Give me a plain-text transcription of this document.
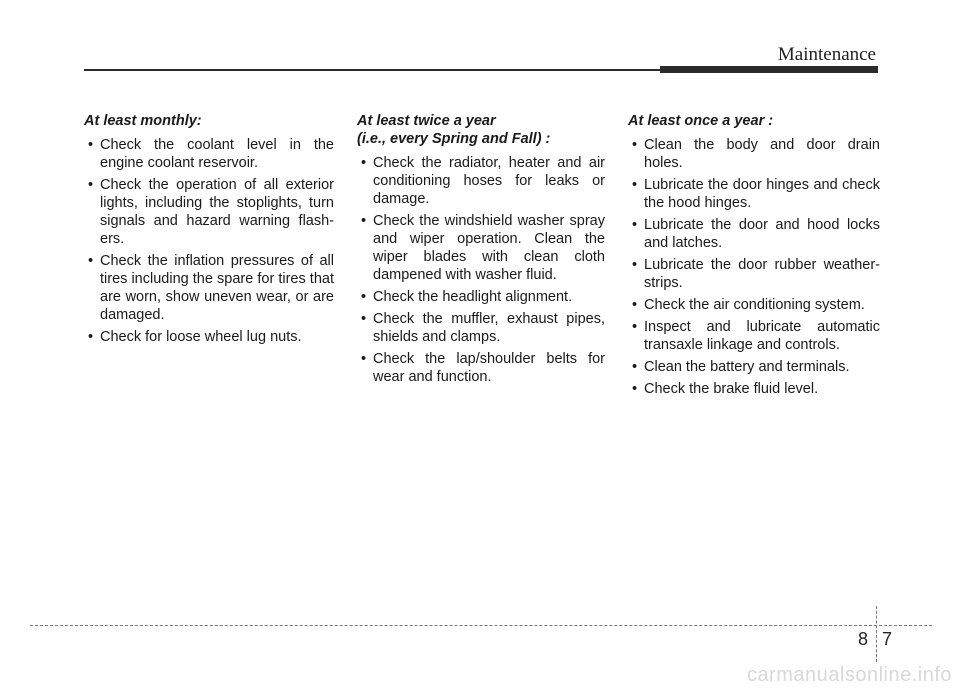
Maintenance
At least monthly:
• Check the coolant level in the engine coolant reservoir.
• Check the operation of all exterior lights, including the stoplights, turn signals and hazard warning flash- ers.
• Check the inflation pressures of all tires including the spare for tires that are worn, show uneven wear, or are damaged.
• Check for loose wheel lug nuts.
At least twice a year
(i.e., every Spring and Fall) :
• Check the radiator, heater and air conditioning hoses for leaks or damage.
• Check the windshield washer spray and wiper operation. Clean the wiper blades with clean cloth dampened with washer fluid.
• Check the headlight alignment.
• Check the muffler, exhaust pipes, shields and clamps.
• Check the lap/shoulder belts for wear and function.
At least once a year :
• Clean the body and door drain holes.
• Lubricate the door hinges and check the hood hinges.
• Lubricate the door and hood locks and latches.
• Lubricate the door rubber weather- strips.
• Check the air conditioning system.
• Inspect and lubricate automatic transaxle linkage and controls.
• Clean the battery and terminals.
• Check the brake fluid level.
8 7
carmanualsonline.info
